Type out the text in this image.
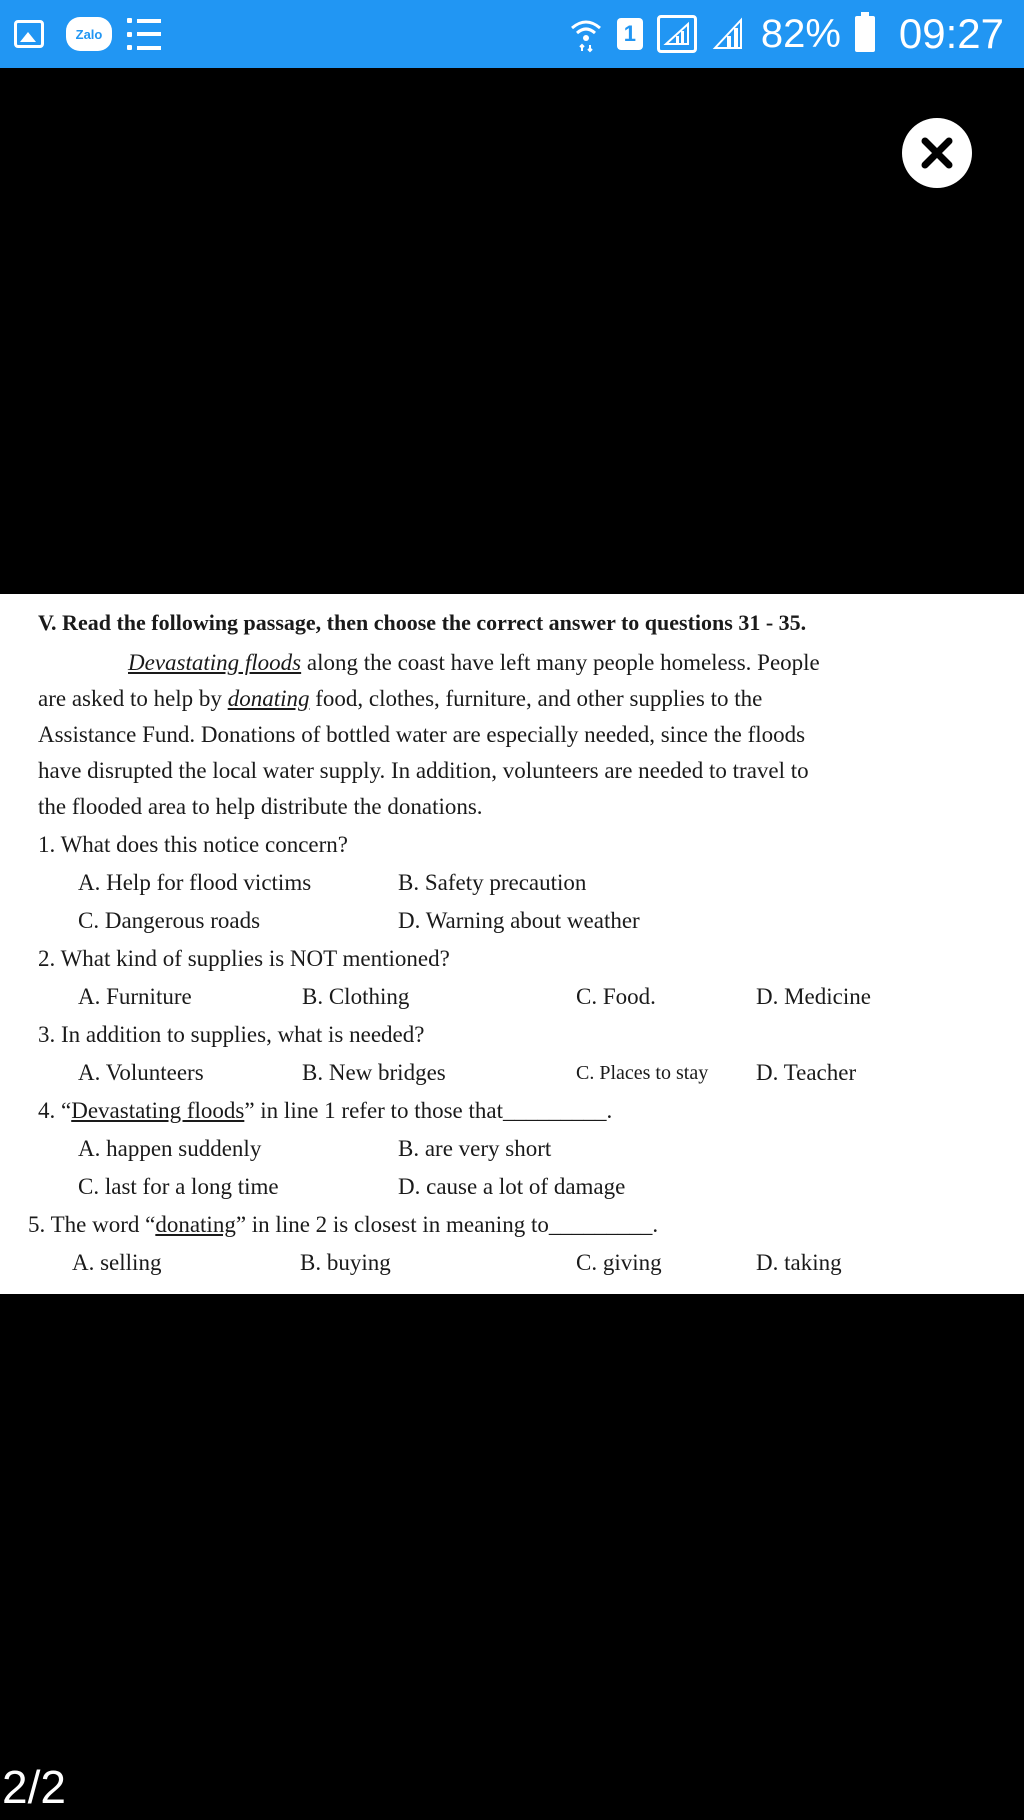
Zalo	1	82% 09:27
V. Read the following passage, then choose the correct answer to questions 31 - 35.
Devastating floods along the coast have left many people homeless. People
are asked to help by donating food, clothes, furniture, and other supplies to the
Assistance Fund. Donations of bottled water are especially needed, since the floods
have disrupted the local water supply. In addition, volunteers are needed to travel to
the flooded area to help distribute the donations.
1. What does this notice concern?
A. Help for flood victims	B. Safety precaution
C. Dangerous roads	D. Warning about weather
2. What kind of supplies is NOT mentioned?
A. Furniture	B. Clothing	C. Food.	D. Medicine
3. In addition to supplies, what is needed?
A. Volunteers	B. New bridges	C. Places to stay D. Teacher
4. “Devastating floods” in line 1 refer to those that_________.
A. happen suddenly	B. are very short
C. last for a long time	D. cause a lot of damage
5. The word “donating” in line 2 is closest in meaning to_________.
A. selling	B. buying	C. giving	D. taking
2/2
